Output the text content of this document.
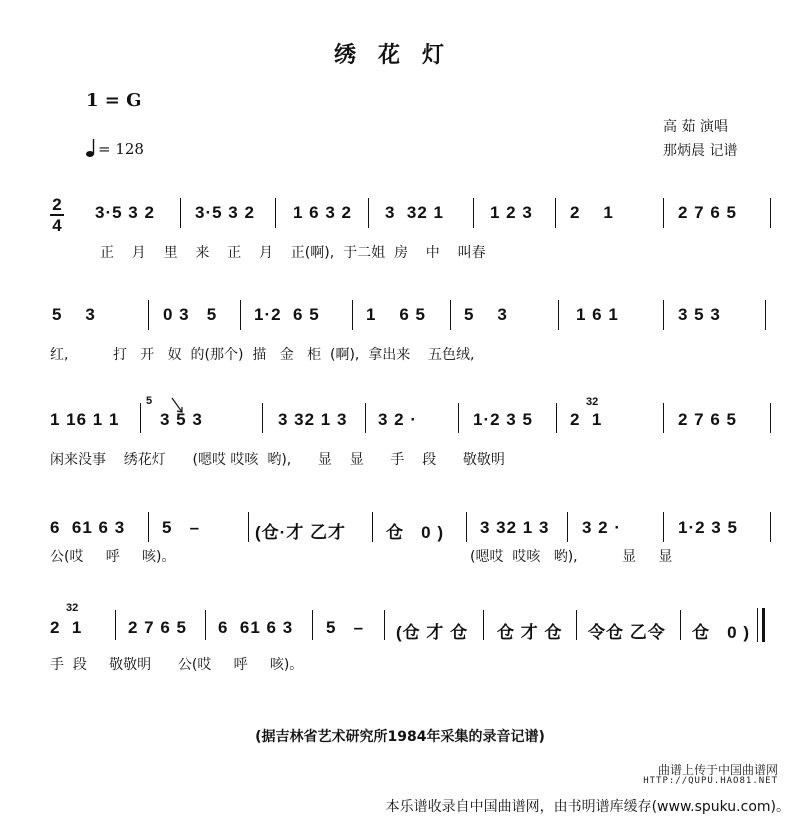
绣花灯
1 = G
= 128
高 茹 演唱
那炳晨 记谱
2
4
3·5 3 2 3·5 3 2 1 6 3 2 3  32 1	1 2 3 2    1	2 7 6 5
正    月    里    来    正    月    正(啊),  于二姐  房    中    叫春
5    3	0 3   5 1·2  6 5	1    6 5 5    3	1 6 1	3 5 3
红,          打   开   奴  的(那个)  描   金   柜  (啊),  拿出来    五色绒,
1 16 1 1
5
3 5 3	3 32 1 3 3 2 ·	1·2 3 5
32
2  1	2 7 6 5
闲来没事    绣花灯      (嗯哎 哎咳  哟),      显    显      手    段      敬敬明
6  61 6 3 5   –	(仓·才 乙才 仓   0 ) 3 32 1 3 3 2 ·	1·2 3 5
公(哎     呼     咳)。	(嗯哎  哎咳   哟),          显     显
32
2  1	2 7 6 5 6  61 6 3 5   – (仓 才 仓 仓 才 仓 令仓 乙令 仓   0 )
手  段     敬敬明      公(哎     呼     咳)。
(据吉林省艺术研究所1984年采集的录音记谱)
曲谱上传于中国曲谱网
HTTP://QUPU.HAO81.NET
本乐谱收录自中国曲谱网，由书明谱库缓存(www.spuku.com)。
